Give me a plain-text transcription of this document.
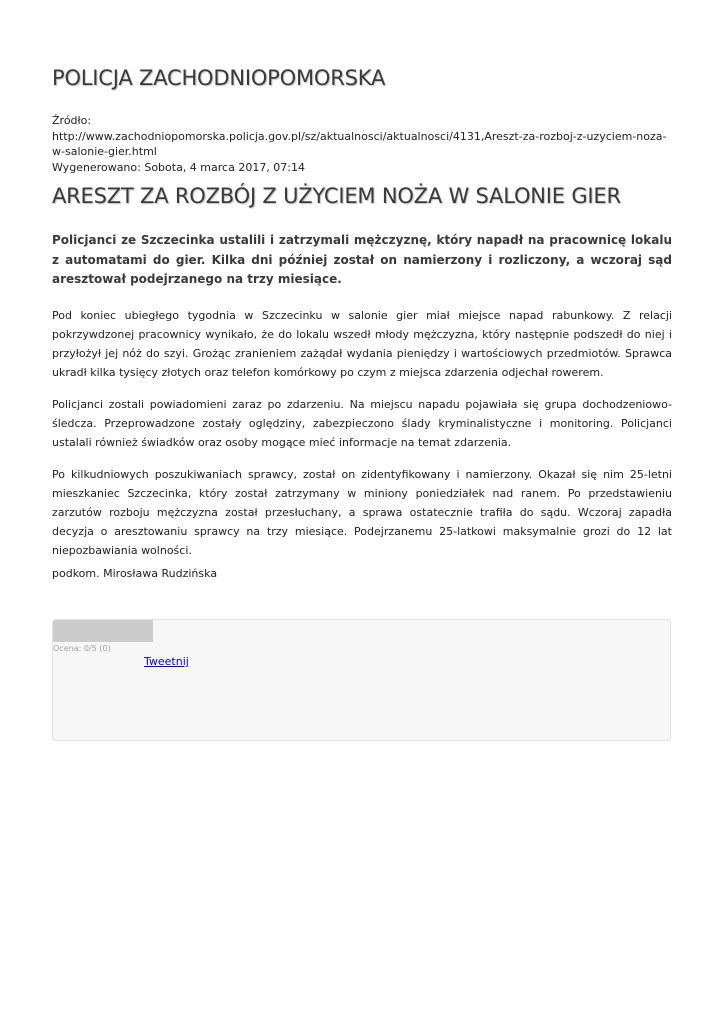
POLICJA ZACHODNIOPOMORSKA
Źródło:
http://www.zachodniopomorska.policja.gov.pl/sz/aktualnosci/aktualnosci/4131,Areszt-za-rozboj-z-uzyciem-noza-w-salonie-gier.html
Wygenerowano: Sobota, 4 marca 2017, 07:14
ARESZT ZA ROZBÓJ Z UŻYCIEM NOŻA W SALONIE GIER

Policjanci ze Szczecinka ustalili i zatrzymali mężczyznę, który napadł na pracownicę lokalu z automatami do gier. Kilka dni później został on namierzony i rozliczony, a wczoraj sąd aresztował podejrzanego na trzy miesiące.

Pod koniec ubiegłego tygodnia w Szczecinku w salonie gier miał miejsce napad rabunkowy. Z relacji pokrzywdzonej pracownicy wynikało, że do lokalu wszedł młody mężczyzna, który następnie podszedł do niej i przyłożył jej nóż do szyi. Grożąc zranieniem zażądał wydania pieniędzy i wartościowych przedmiotów. Sprawca ukradł kilka tysięcy złotych oraz telefon komórkowy po czym z miejsca zdarzenia odjechał rowerem.

Policjanci zostali powiadomieni zaraz po zdarzeniu. Na miejscu napadu pojawiała się grupa dochodzeniowo-śledcza. Przeprowadzone zostały oględziny, zabezpieczono ślady kryminalistyczne i monitoring. Policjanci ustalali również świadków oraz osoby mogące mieć informacje na temat zdarzenia.

Po kilkudniowych poszukiwaniach sprawcy, został on zidentyfikowany i namierzony. Okazał się nim 25-letni mieszkaniec Szczecinka, który został zatrzymany w miniony poniedziałek nad ranem. Po przedstawieniu zarzutów rozboju mężczyzna został przesłuchany, a sprawa ostatecznie trafiła do sądu. Wczoraj zapadła decyzja o aresztowaniu sprawcy na trzy miesiące. Podejrzanemu 25-latkowi maksymalnie grozi do 12 lat niepozbawiania wolności.

podkom. Mirosława Rudzińska
Ocena: 0/5 (0)
Tweetnij
